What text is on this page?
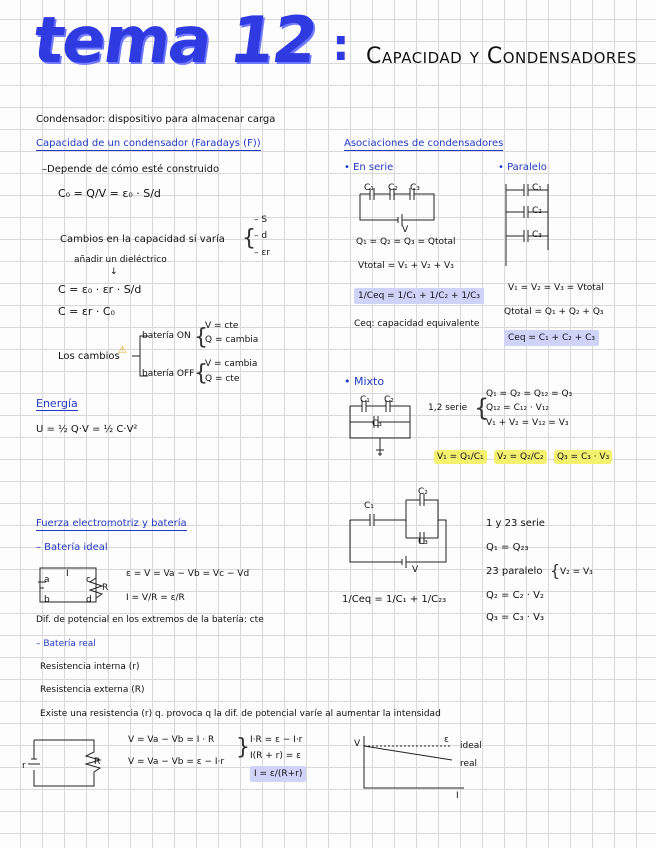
tema 12 : Capacidad y Condensadores
Condensador: dispositivo para almacenar carga
Capacidad de un condensador (Faradays (F))
–Depende de cómo esté construido
C₀ = Q/V = ε₀ · S/d
Cambios en la capacidad si varía
añadir un dieléctrico
{
– S
– d
– εr
↓
C = ε₀ · εr · S/d
C = εr · C₀
Los cambios
⚠
batería ON {
V = cte
Q = cambia
batería OFF {
V = cambia
Q = cte
Energía
U = ½ Q·V = ½ C·V²
Asociaciones de condensadores
• En serie	• Paralelo
C₁ C₂ C₃
V
Q₁ = Q₂ = Q₃ = Qtotal
Vtotal = V₁ + V₂ + V₃
1/Ceq = 1/C₁ + 1/C₂ + 1/C₃
Ceq: capacidad equivalente
C₁
C₂
C₃
V₁ = V₂ = V₃ = Vtotal
Qtotal = Q₁ + Q₂ + Q₃
Ceq = C₁ + C₂ + C₃
• Mixto
C₁ C₂
C₃
1,2 serie {
Q₁ = Q₂ = Q₁₂ = Q₃
Q₁₂ = C₁₂ · V₁₂
V₁ + V₂ = V₁₂ = V₃
V₁ = Q₁/C₁	V₂ = Q₂/C₂	Q₃ = C₃ · V₃
C₁
C₂
C₃
V
1 y 23 serie
Q₁ = Q₂₃
23 paralelo { V₂ = V₃
Q₂ = C₂ · V₂
Q₃ = C₃ · V₃
1/Ceq = 1/C₁ + 1/C₂₃
Fuerza electromotriz y batería
– Batería ideal
a
b
c
d
I
R
ε = V = Va − Vb = Vc − Vd
I = V/R = ε/R
Dif. de potencial en los extremos de la batería: cte
– Batería real
Resistencia interna (r)
Resistencia externa (R)
Existe una resistencia (r) q. provoca q la dif. de potencial varíe al aumentar la intensidad
r	R
V = Va − Vb = I · R
V = Va − Vb = ε − I·r
} I·R = ε − I·r
I(R + r) = ε
I = ε/(R+r)
V	ε
ideal
real
I
